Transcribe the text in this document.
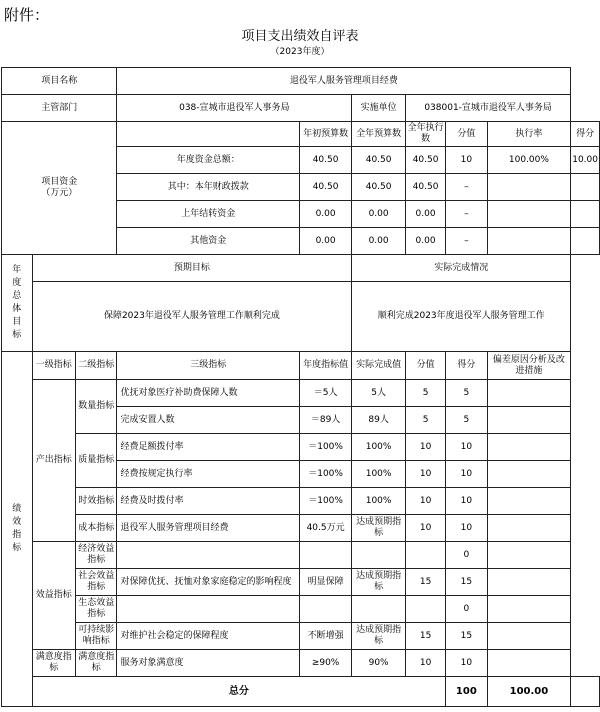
附件：
项目支出绩效自评表
（2023年度）
项目名称			退役军人服务管理项目经费						
主管部门			038-宣城市退役军人事务局		实施单位	038001-宣城市退役军人事务局			
项目资金
（万元）				年初预算数	全年预算数	全年执行数	分值	执行率	得分
			年度资金总额：	40.50	40.50	40.50	10	100.00%	10.00
			其中：本年财政拨款	40.50	40.50	40.50	–		
			上年结转资金	0.00	0.00	0.00	–		
			其他资金	0.00	0.00	0.00	–		
年度总体目标	预期目标				实际完成情况				
	保障2023年退役军人服务管理工作顺利完成				顺利完成2023年度退役军人服务管理工作				
绩效指标	一级指标	二级指标	三级指标	年度指标值	实际完成值	分值	得分	偏差原因分析及改进措施	
	产出指标	数量指标	优抚对象医疗补助费保障人数	＝5人	5人	5	5		
			完成安置人数	＝89人	89人	5	5		
		质量指标	经费足额拨付率	＝100%	100%	10	10		
			经费按规定执行率	＝100%	100%	10	10		
		时效指标	经费及时拨付率	＝100%	100%	10	10		
		成本指标	退役军人服务管理项目经费	40.5万元	达成预期指标	10	10		
	效益指标	经济效益指标					0		
		社会效益指标	对保障优抚、抚恤对象家庭稳定的影响程度	明显保障	达成预期指标	15	15		
		生态效益指标					0		
		可持续影响指标	对维护社会稳定的保障程度	不断增强	达成预期指标	15	15		
	满意度指标	满意度指标	服务对象满意度	≥90%	90%	10	10		
	总分						100	100.00	
